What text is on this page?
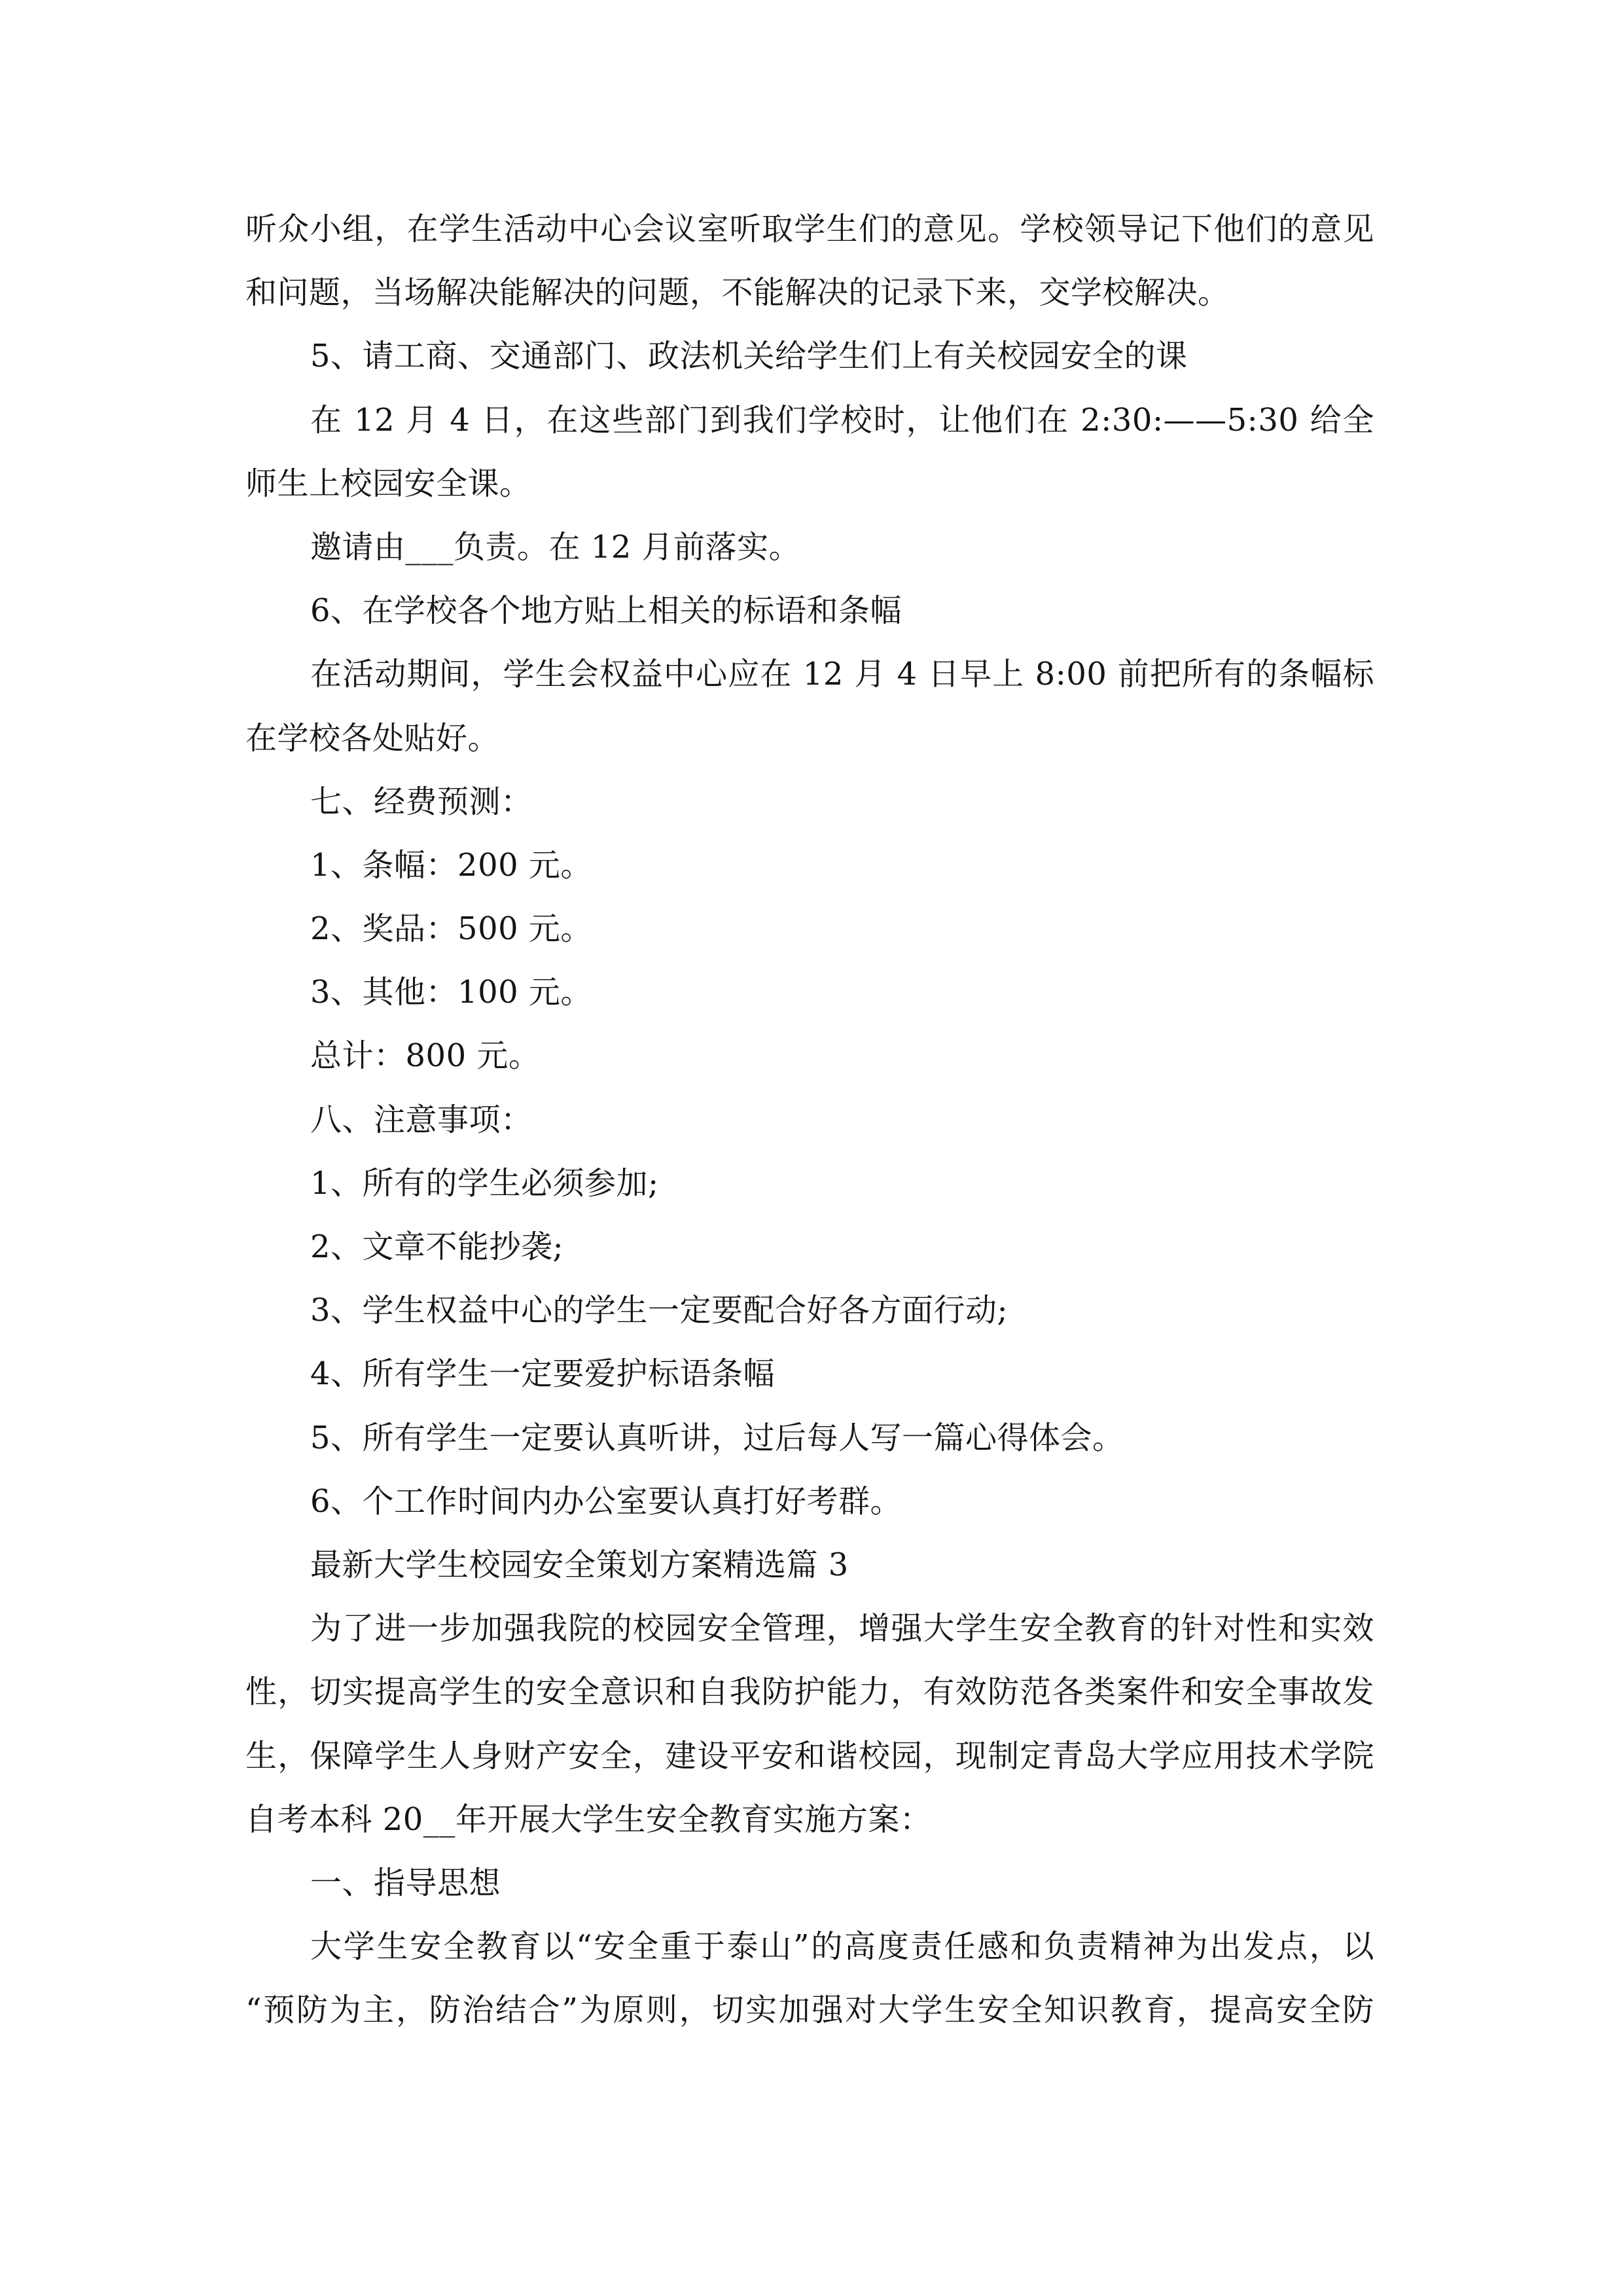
听众小组，在学生活动中心会议室听取学生们的意见。学校领导记下他们的意见
和问题，当场解决能解决的问题，不能解决的记录下来，交学校解决。
5、请工商、交通部门、政法机关给学生们上有关校园安全的课
在 12 月 4 日，在这些部门到我们学校时，让他们在 2:30:——5:30 给全
师生上校园安全课。
邀请由___负责。在 12 月前落实。
6、在学校各个地方贴上相关的标语和条幅
在活动期间，学生会权益中心应在 12 月 4 日早上 8:00 前把所有的条幅标
在学校各处贴好。
七、经费预测：
1、条幅：200 元。
2、奖品：500 元。
3、其他：100 元。
总计：800 元。
八、注意事项：
1、所有的学生必须参加;
2、文章不能抄袭;
3、学生权益中心的学生一定要配合好各方面行动;
4、所有学生一定要爱护标语条幅
5、所有学生一定要认真听讲，过后每人写一篇心得体会。
6、个工作时间内办公室要认真打好考群。
最新大学生校园安全策划方案精选篇 3
为了进一步加强我院的校园安全管理，增强大学生安全教育的针对性和实效
性，切实提高学生的安全意识和自我防护能力，有效防范各类案件和安全事故发
生，保障学生人身财产安全，建设平安和谐校园，现制定青岛大学应用技术学院
自考本科 20__年开展大学生安全教育实施方案：
一、指导思想
大学生安全教育以“安全重于泰山”的高度责任感和负责精神为出发点，以
“预防为主，防治结合”为原则，切实加强对大学生安全知识教育，提高安全防
